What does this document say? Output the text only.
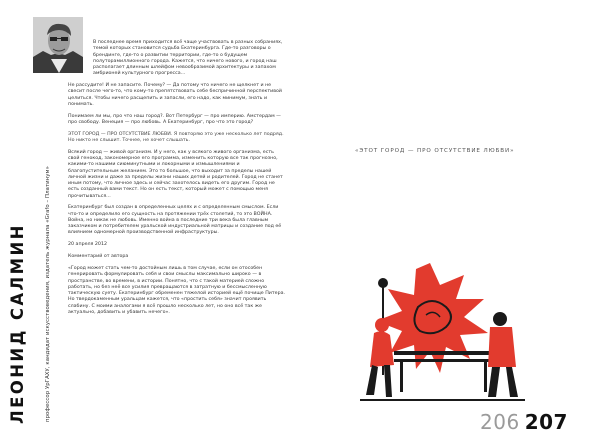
ЛЕОНИД САЛМИН	профессор УрГАХУ, кандидат искусствоведения, издатель журнала «Grafo – Платинум»

В последнее время приходится всё чаще участвовать в разных собраниях, темой которых становится судьба Екатеринбурга. Где-то разговоры о брендинге, где-то о развитии территории, где-то о будущем полуторамиллионного города. Кажется, что ничего нового, и город наш располагает длинным шлейфом невообразимой архитектуры и запахом амбрионей культурного прогресса...

Не рассудите! И не запасите. Почему? — Да потому что ничего не щелкнет и не свесит после чего-то, что кому-то препятствовать себе беспричинной перспективой целиться. Чтобы ничего расщепить и запасли, его надо, как минимум, знать и понимать.

Понимаем ли мы, про что наш город?. Вот Петербург — про империю. Амстердам — про свободу. Венеция — про любовь. А Екатеринбург, про что это город?

ЭТОТ ГОРОД — ПРО ОТСУТСТВИЕ ЛЮБВИ. Я повторяю это уже несколько лет подряд. Но никто не слышит. Точнее, не хочет слышать.

Всякий город — живой организм. И у него, как у всякого живого организма, есть свой генокод, закономерное его программа, изменить которую все так прогнозно, какими-то нашими сиюминутными и локорными и измышлениями и благопустительным желанием. Это то большое, что выходит за пределы нашей личной жизни и даже за пределы жизни наших детей и родителей. Город не станет иным потому, что личное здесь и сейчас захотелось видеть его другим. Город не есть созданный вами текст. Но он есть текст, который может с помощью меня прочитываться...

Екатеринбург был создан в определенных целях и с определенным смыслом. Если что-то и определило его сущность на протяжении трёх столетий, то это ВОЙНА. Война, но никак не любовь. Именно война в последние три века была главным заказчиком и потребителем уральской индустриальной матрицы и создание под её влиянием одномерной производственной инфраструктуры.

20 апреля 2012

Комментарий от автора

«Город может стать чем-то достойным лишь в том случае, если он отособен генерировать формулировать себя и свои смыслы максимально широко — в пространстве, во времени, в истории. Понятно, что с такой материей сложно работать, но без неё все усилия превращаются в затратную и бессмысленную тактическую суету. Екатеринбург обременен тяжелой историей ещё почище Питера. Но твердокаменным уральцам кажется, что «простить себя» значит проявить слабину. С моими аналогами я всё прошло несколько лет, но оно всё так же актуально, добавить и убавить нечего».

«ЭТОТ ГОРОД — ПРО ОТСУТСТВИЕ ЛЮБВИ»
206 207
